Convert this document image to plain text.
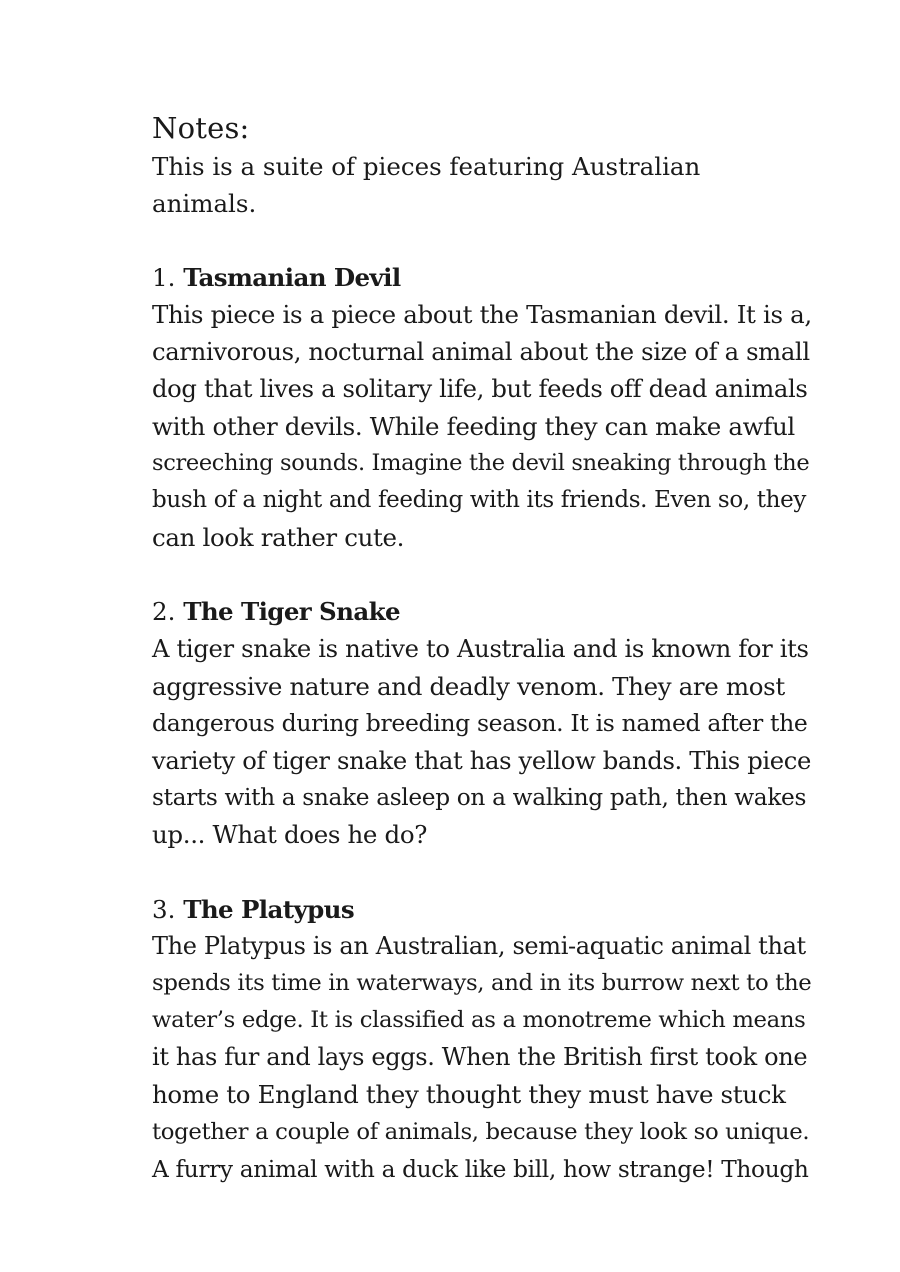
Notes:

This is a suite of pieces featuring Australian animals.

1. Tasmanian Devil

This piece is a piece about the Tasmanian devil. It is a,

carnivorous, nocturnal animal about the size of a small

dog that lives a solitary life, but feeds off dead animals

with other devils. While feeding they can make awful

screeching sounds. Imagine the devil sneaking through the

bush of a night and feeding with its friends. Even so, they

can look rather cute.

2. The Tiger Snake

A tiger snake is native to Australia and is known for its

aggressive nature and deadly venom. They are most

dangerous during breeding season. It is named after the

variety of tiger snake that has yellow bands. This piece

starts with a snake asleep on a walking path, then wakes

up... What does he do?

3. The Platypus

The Platypus is an Australian, semi-aquatic animal that

spends its time in waterways, and in its burrow next to the

water’s edge. It is classified as a monotreme which means

it has fur and lays eggs. When the British first took one

home to England they thought they must have stuck

together a couple of animals, because they look so unique.

A furry animal with a duck like bill, how strange! Though
